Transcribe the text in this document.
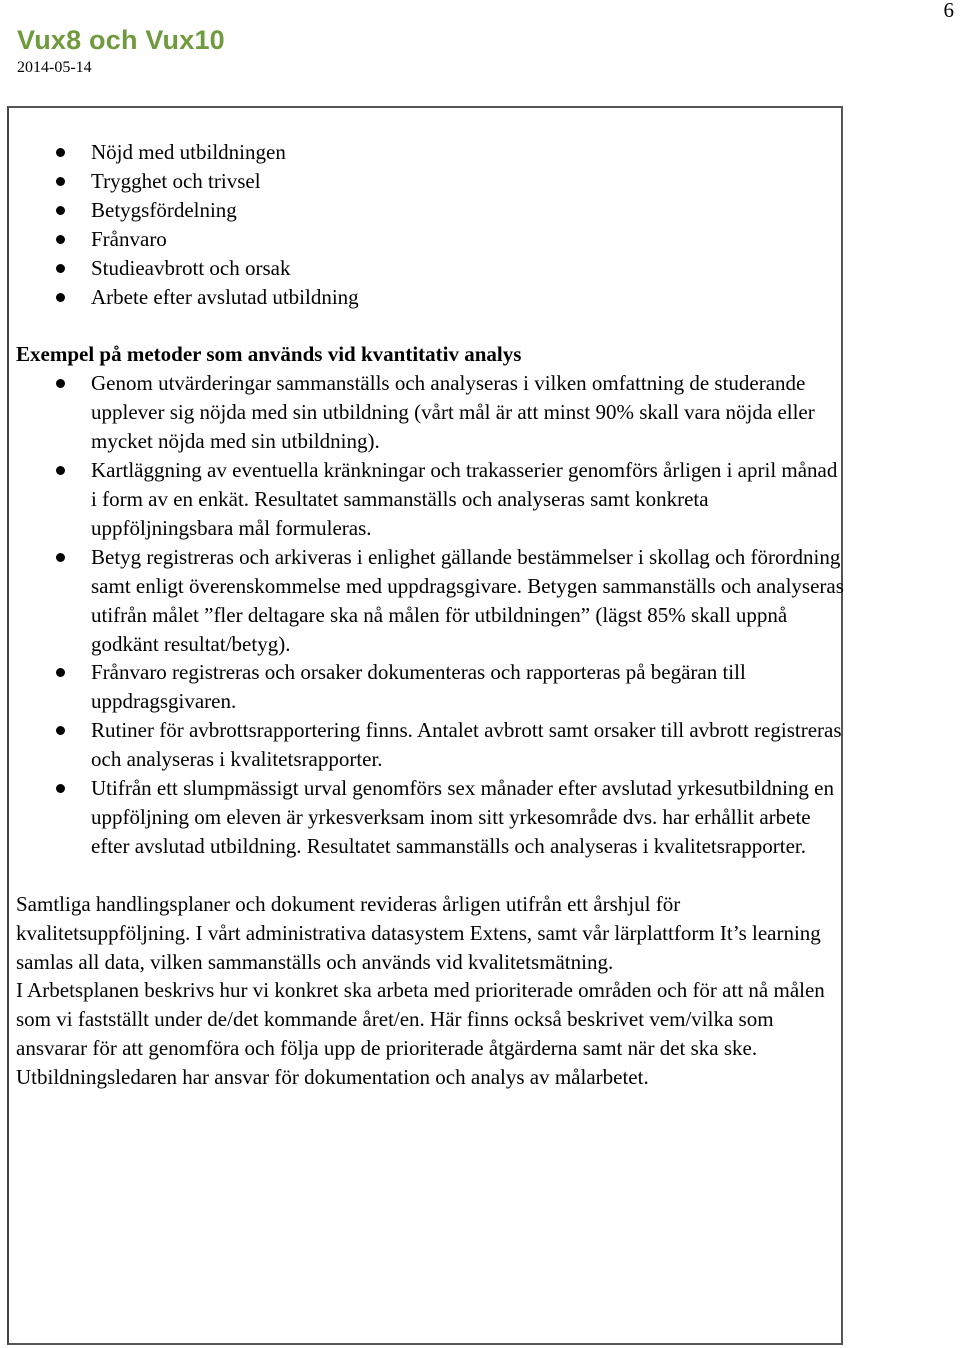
6
Vux8 och Vux10
2014-05-14
Nöjd med utbildningen
Trygghet och trivsel
Betygsfördelning
Frånvaro
Studieavbrott och orsak
Arbete efter avslutad utbildning

Exempel på metoder som används vid kvantitativ analys

Genom utvärderingar sammanställs och analyseras i vilken omfattning de studerande upplever sig nöjda med sin utbildning (vårt mål är att minst 90% skall vara nöjda eller mycket nöjda med sin utbildning).
Kartläggning av eventuella kränkningar och trakasserier genomförs årligen i april månad i form av en enkät. Resultatet sammanställs och analyseras samt konkreta uppföljningsbara mål formuleras.
Betyg registreras och arkiveras i enlighet gällande bestämmelser i skollag och förordning samt enligt överenskommelse med uppdragsgivare. Betygen sammanställs och analyseras utifrån målet ”fler deltagare ska nå målen för utbildningen” (lägst 85% skall uppnå godkänt resultat/betyg).
Frånvaro registreras och orsaker dokumenteras och rapporteras på begäran till uppdragsgivaren.
Rutiner för avbrottsrapportering finns. Antalet avbrott samt orsaker till avbrott registreras och analyseras i kvalitetsrapporter.
Utifrån ett slumpmässigt urval genomförs sex månader efter avslutad yrkesutbildning en uppföljning om eleven är yrkesverksam inom sitt yrkesområde dvs. har erhållit arbete efter avslutad utbildning. Resultatet sammanställs och analyseras i kvalitetsrapporter.

Samtliga handlingsplaner och dokument revideras årligen utifrån ett årshjul för kvalitetsuppföljning. I vårt administrativa datasystem Extens, samt vår lärplattform It’s learning samlas all data, vilken sammanställs och används vid kvalitetsmätning.

I Arbetsplanen beskrivs hur vi konkret ska arbeta med prioriterade områden och för att nå målen som vi fastställt under de/det kommande året/en. Här finns också beskrivet vem/vilka som ansvarar för att genomföra och följa upp de prioriterade åtgärderna samt när det ska ske.

Utbildningsledaren har ansvar för dokumentation och analys av målarbetet.
